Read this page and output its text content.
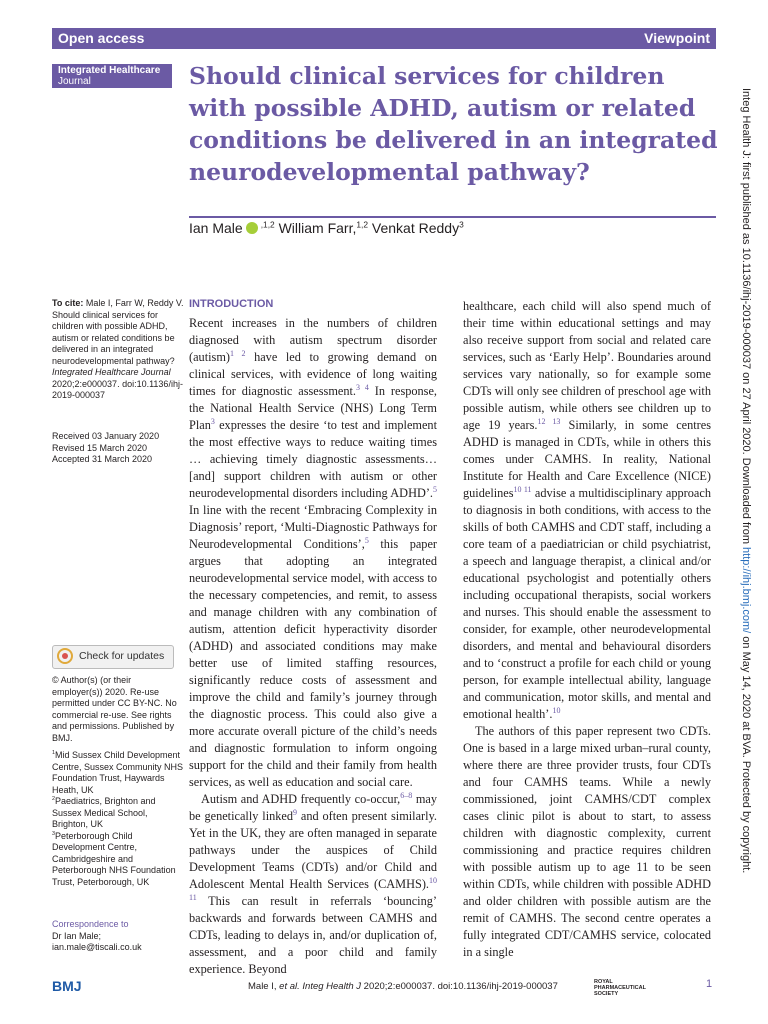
Open access	Viewpoint
Integrated Healthcare
Journal	Should clinical services for children with possible ADHD, autism or related conditions be delivered in an integrated neurodevelopmental pathway?
Ian Male $^{,1,2}$ William Farr,$^{1,2}$ Venkat Reddy$^3$

To cite: Male I, Farr W, Reddy V. Should clinical services for children with possible ADHD, autism or related conditions be delivered in an integrated neurodevelopmental pathway? Integrated Healthcare Journal 2020;2:e000037. doi:10.1136/ihj-2019-000037

Received 03 January 2020

Revised 15 March 2020

Accepted 31 March 2020

Check for updates

© Author(s) (or their employer(s)) 2020. Re-use permitted under CC BY-NC. No commercial re-use. See rights and permissions. Published by BMJ.

$^1$Mid Sussex Child Development Centre, Sussex Community NHS Foundation Trust, Haywards Heath, UK

$^2$Paediatrics, Brighton and Sussex Medical School, Brighton, UK

$^3$Peterborough Child Development Centre, Cambridgeshire and Peterborough NHS Foundation Trust, Peterborough, UK

Correspondence to

Dr Ian Male;

ian.male@tiscali.co.uk

INTRODUCTION

Recent increases in the numbers of children diagnosed with autism spectrum disorder (autism)$^{1 2}$ have led to growing demand on clinical services, with evidence of long waiting times for diagnostic assessment.$^{3 4}$ In response, the National Health Service (NHS) Long Term Plan$^3$ expresses the desire ‘to test and implement the most effective ways to reduce waiting times … achieving timely diagnostic assessments… [and] support children with autism or other neurodevelopmental disorders including ADHD’.$^5$ In line with the recent ‘Embracing Complexity in Diagnosis’ report, ‘Multi-Diagnostic Pathways for Neurodevelopmental Conditions’,$^5$ this paper argues that adopting an integrated neurodevelopmental service model, with access to the necessary competencies, and remit, to assess and manage children with any combination of autism, attention deficit hyperactivity disorder (ADHD) and associated conditions may make better use of limited staffing resources, significantly reduce costs of assessment and improve the child and family’s journey through the diagnostic process. This could also give a more accurate overall picture of the child’s needs and diagnostic formulation to inform ongoing support for the child and their family from health services, as well as education and social care.

Autism and ADHD frequently co-occur,$^{6-8}$ may be genetically linked$^9$ and often present similarly. Yet in the UK, they are often managed in separate pathways under the auspices of Child Development Teams (CDTs) and/or Child and Adolescent Mental Health Services (CAMHS).$^{10 11}$ This can result in referrals ‘bouncing’ backwards and forwards between CAMHS and CDTs, leading to delays in, and/or duplication of, assessment, and a poor child and family experience. Beyond

healthcare, each child will also spend much of their time within educational settings and may also receive support from social and related care services, such as ‘Early Help’. Boundaries around services vary nationally, so for example some CDTs will only see children of preschool age with possible autism, while others see children up to age 19 years.$^{12 13}$ Similarly, in some centres ADHD is managed in CDTs, while in others this comes under CAMHS. In reality, National Institute for Health and Care Excellence (NICE) guidelines$^{10 11}$ advise a multidisciplinary approach to diagnosis in both conditions, with access to the skills of both CAMHS and CDT staff, including a core team of a paediatrician or child psychiatrist, a speech and language therapist, a clinical and/or educational psychologist and potentially others including occupational therapists, social workers and nurses. This should enable the assessment to consider, for example, other neurodevelopmental disorders, and mental and behavioural disorders and to ‘construct a profile for each child or young person, for example intellectual ability, language and communication, motor skills, and mental and emotional health’.$^{10}$

The authors of this paper represent two CDTs. One is based in a large mixed urban–rural county, where there are three provider trusts, four CDTs and four CAMHS teams. While a newly commissioned, joint CAMHS/CDT complex cases clinic pilot is about to start, to assess children with diagnostic complexity, current commissioning and practice requires children with possible autism up to age 11 to be seen within CDTs, while children with possible ADHD and older children with possible autism are the remit of CAMHS. The second centre operates a fully integrated CDT/CAMHS service, colocated in a single

Integ Health J: first published as 10.1136/ihj-2019-000037 on 27 April 2020. Downloaded from http://ihj.bmj.com/ on May 14, 2020 at BVA. Protected by copyright.
BMJ	Male I, et al. Integ Health J 2020;2:e000037. doi:10.1136/ihj-2019-000037	ROYAL
PHARMACEUTICAL
SOCIETY
1
